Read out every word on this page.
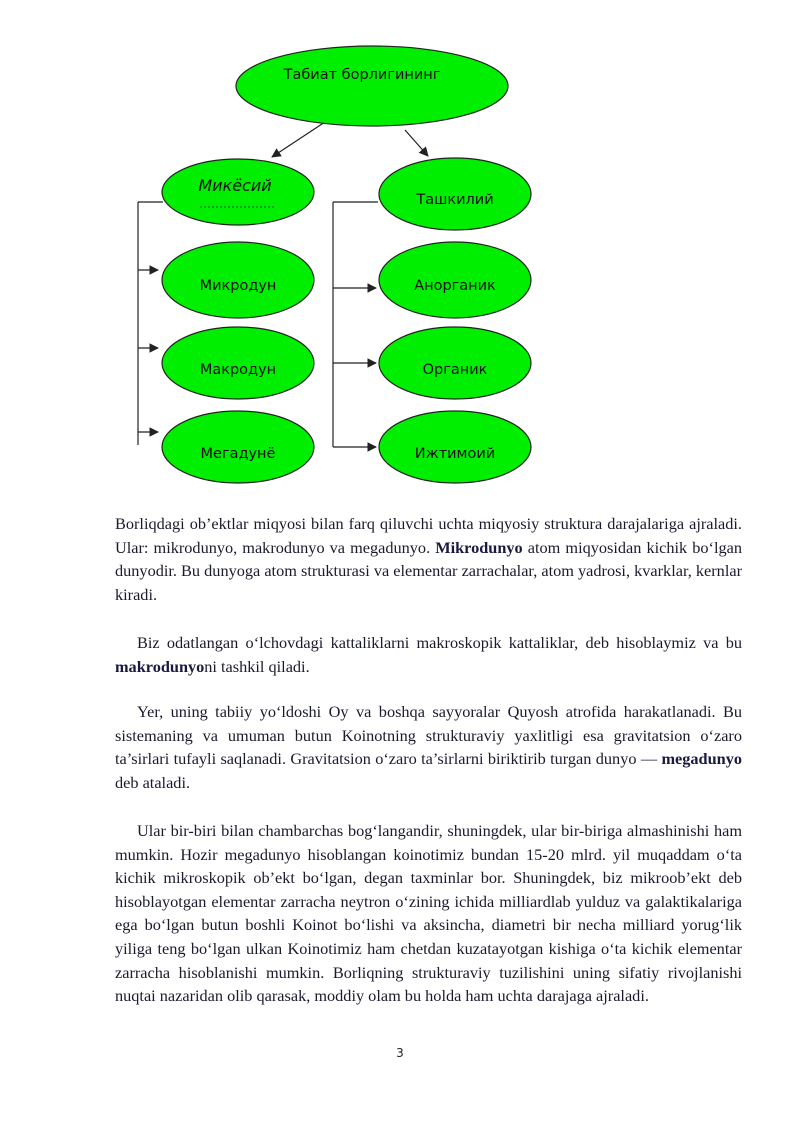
Табиат борлигининг
Микёсий
Ташкилий
Микродун
Макродун
Мегадунё
Анорганик
Органик
Ижтимоий
Borliqdagi ob’ektlar miqyosi bilan farq qiluvchi uchta miqyosiy struktura darajalariga ajraladi. Ular: mikrodunyo, makrodunyo va megadunyo. Mikrodunyo atom miqyosidan kichik bo‘lgan dunyodir. Bu dunyoga atom strukturasi va elementar zarrachalar, atom yadrosi, kvarklar, kernlar kiradi.
Biz odatlangan o‘lchovdagi kattaliklarni makroskopik kattaliklar, deb hisoblaymiz va bu makrodunyoni tashkil qiladi.
Yer, uning tabiiy yo‘ldoshi Oy va boshqa sayyoralar Quyosh atrofida harakatlanadi. Bu sistemaning va umuman butun Koinotning strukturaviy yaxlitligi esa gravitatsion o‘zaro ta’sirlari tufayli saqlanadi. Gravitatsion o‘zaro ta’sirlarni biriktirib turgan dunyo — megadunyo deb ataladi.
Ular bir-biri bilan chambarchas bog‘langandir, shuningdek, ular bir-biriga almashinishi ham mumkin. Hozir megadunyo hisoblangan koinotimiz bundan 15-20 mlrd. yil muqaddam o‘ta kichik mikroskopik ob’ekt bo‘lgan, degan taxminlar bor. Shuningdek, biz mikroob’ekt deb hisoblayotgan elementar zarracha neytron o‘zining ichida milliardlab yulduz va galaktikalariga ega bo‘lgan butun boshli Koinot bo‘lishi va aksincha, diametri bir necha milliard yorug‘lik yiliga teng bo‘lgan ulkan Koinotimiz ham chetdan kuzatayotgan kishiga o‘ta kichik elementar zarracha hisoblanishi mumkin. Borliqning strukturaviy tuzilishini uning sifatiy rivojlanishi nuqtai nazaridan olib qarasak, moddiy olam bu holda ham uchta darajaga ajraladi.
3
